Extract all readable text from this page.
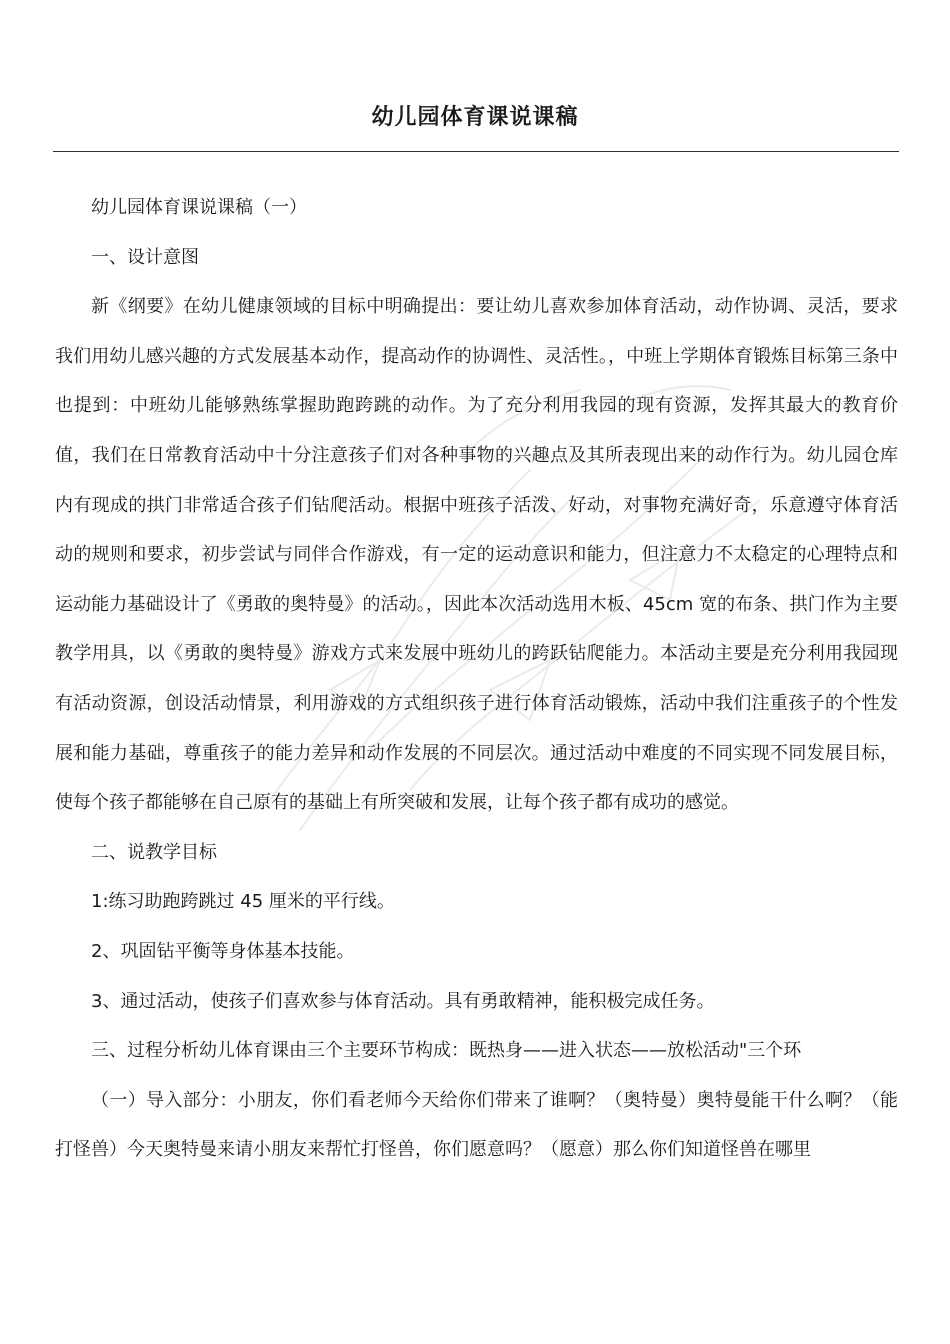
幼儿园体育课说课稿

幼儿园体育课说课稿（一）

一、设计意图

新《纲要》在幼儿健康领域的目标中明确提出：要让幼儿喜欢参加体育活动，动作协调、灵活，要求我们用幼儿感兴趣的方式发展基本动作，提高动作的协调性、灵活性。，中班上学期体育锻炼目标第三条中也提到：中班幼儿能够熟练掌握助跑跨跳的动作。为了充分利用我园的现有资源，发挥其最大的教育价值，我们在日常教育活动中十分注意孩子们对各种事物的兴趣点及其所表现出来的动作行为。幼儿园仓库内有现成的拱门非常适合孩子们钻爬活动。根据中班孩子活泼、好动，对事物充满好奇，乐意遵守体育活动的规则和要求，初步尝试与同伴合作游戏，有一定的运动意识和能力，但注意力不太稳定的心理特点和运动能力基础设计了《勇敢的奥特曼》的活动。，因此本次活动选用木板、45cm 宽的布条、拱门作为主要教学用具，以《勇敢的奥特曼》游戏方式来发展中班幼儿的跨跃钻爬能力。本活动主要是充分利用我园现有活动资源，创设活动情景，利用游戏的方式组织孩子进行体育活动锻炼，活动中我们注重孩子的个性发展和能力基础，尊重孩子的能力差异和动作发展的不同层次。通过活动中难度的不同实现不同发展目标，使每个孩子都能够在自己原有的基础上有所突破和发展，让每个孩子都有成功的感觉。

二、说教学目标

1:练习助跑跨跳过 45 厘米的平行线。

2、巩固钻平衡等身体基本技能。

3、通过活动，使孩子们喜欢参与体育活动。具有勇敢精神，能积极完成任务。

三、过程分析幼儿体育课由三个主要环节构成：既热身——进入状态——放松活动"三个环

（一）导入部分：小朋友，你们看老师今天给你们带来了谁啊？（奥特曼）奥特曼能干什么啊？（能打怪兽）今天奥特曼来请小朋友来帮忙打怪兽，你们愿意吗？（愿意）那么你们知道怪兽在哪里
